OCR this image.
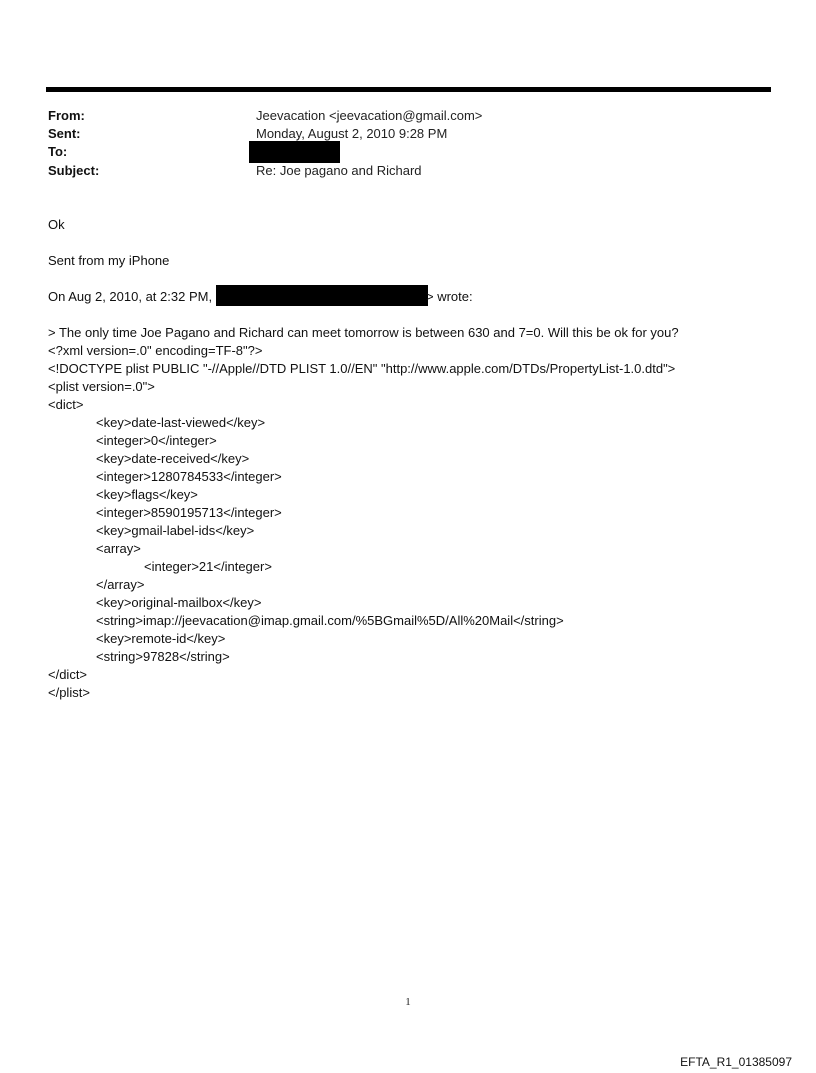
From:	Jeevacation <jeevacation@gmail.com>
Sent:	Monday, August 2, 2010 9:28 PM
To:
Subject:	Re: Joe pagano and Richard
Ok
Sent from my iPhone
On Aug 2, 2010, at 2:32 PM,	> wrote:
> The only time Joe Pagano and Richard can meet tomorrow is between 630 and 7=0. Will this be ok for you?
<?xml version=.0" encoding=TF-8"?>
<!DOCTYPE plist PUBLIC "-//Apple//DTD PLIST 1.0//EN" "http://www.apple.com/DTDs/PropertyList-1.0.dtd">
<plist version=.0">
<dict>
<key>date-last-viewed</key>
<integer>0</integer>
<key>date-received</key>
<integer>1280784533</integer>
<key>flags</key>
<integer>8590195713</integer>
<key>gmail-label-ids</key>
<array>
<integer>21</integer>
</array>
<key>original-mailbox</key>
<string>imap://jeevacation@imap.gmail.com/%5BGmail%5D/All%20Mail</string>
<key>remote-id</key>
<string>97828</string>
</dict>
</plist>
1
EFTA_R1_01385097
